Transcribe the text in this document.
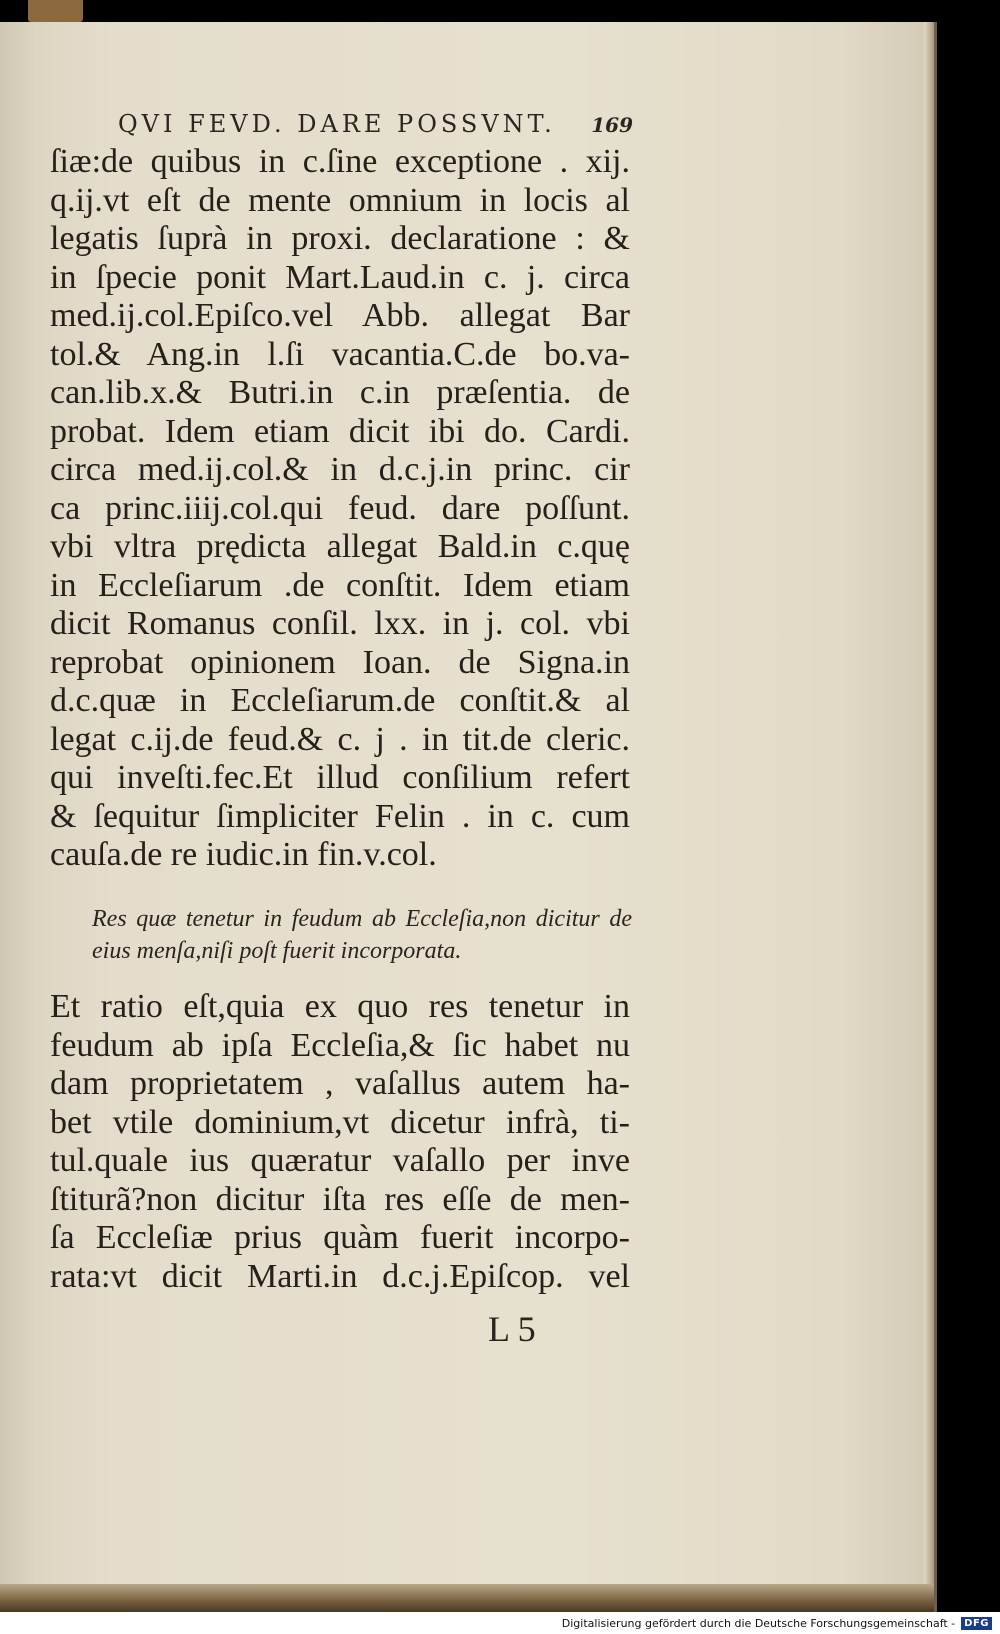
QVI FEVD. DARE POSSVNT. 169
ſiæ:de quibus in c.ſine exceptione . xij.
q.ij.vt eſt de mente omnium in locis al
legatis ſuprà in proxi. declaratione : &
in ſpecie ponit Mart.Laud.in c. j. circa
med.ij.col.Epiſco.vel Abb. allegat Bar
tol.& Ang.in l.ſi vacantia.C.de bo.va-
can.lib.x.& Butri.in c.in præſentia. de
probat. Idem etiam dicit ibi do. Cardi.
circa med.ij.col.& in d.c.j.in princ. cir
ca princ.iiij.col.qui feud. dare poſſunt.
vbi vltra prędicta allegat Bald.in c.quę
in Eccleſiarum .de conſtit. Idem etiam
dicit Romanus conſil. lxx. in j. col. vbi
reprobat opinionem Ioan. de Signa.in
d.c.quæ in Eccleſiarum.de conſtit.& al
legat c.ij.de feud.& c. j . in tit.de cleric.
qui inveſti.fec.Et illud conſilium refert
& ſequitur ſimpliciter Felin . in c. cum
cauſa.de re iudic.in fin.v.col.
Res quæ tenetur in feudum ab Eccleſia,non dicitur de
eius menſa,niſi poſt fuerit incorporata.
Et ratio eſt,quia ex quo res tenetur in
feudum ab ipſa Eccleſia,& ſic habet nu
dam proprietatem , vaſallus autem ha-
bet vtile dominium,vt dicetur infrà, ti-
tul.quale ius quæratur vaſallo per inve
ſtiturã?non dicitur iſta res eſſe de men-
ſa Eccleſiæ prius quàm fuerit incorpo-
rata:vt dicit Marti.in d.c.j.Epiſcop. vel
L 5
Digitalisierung gefördert durch die Deutsche Forschungsgemeinschaft - DFG
